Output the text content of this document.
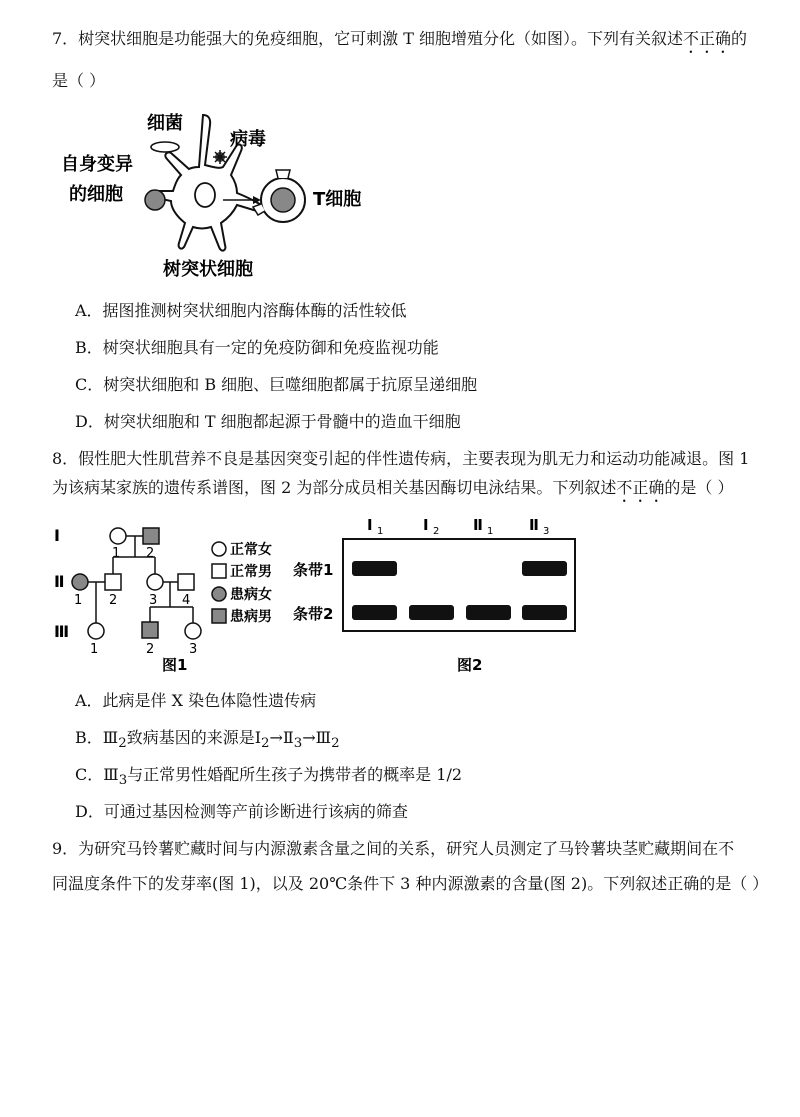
7．树突状细胞是功能强大的免疫细胞，它可刺激 T 细胞增殖分化（如图）。下列有关叙述不正确的
是（ ）
细菌
病毒
自身变异
的细胞	T细胞
树突状细胞
A．据图推测树突状细胞内溶酶体酶的活性较低
B．树突状细胞具有一定的免疫防御和免疫监视功能
C．树突状细胞和 B 细胞、巨噬细胞都属于抗原呈递细胞
D．树突状细胞和 T 细胞都起源于骨髓中的造血干细胞
8．假性肥大性肌营养不良是基因突变引起的伴性遗传病，主要表现为肌无力和运动功能减退。图 1
为该病某家族的遗传系谱图，图 2 为部分成员相关基因酶切电泳结果。下列叙述不正确的是（ ）
Ⅰ
Ⅱ
Ⅲ
1 2
1 2 3 4
1	2	3
正常女
正常男
患病女
患病男
图1
Ⅰ 1	Ⅰ 2 Ⅱ 1 Ⅱ 3
条带1
条带2
图2
A．此病是伴 X 染色体隐性遗传病
B．$Ⅲ_2$致病基因的来源是$Ⅰ_2\to Ⅱ_3\to Ⅲ_2$
C．$Ⅲ_3$与正常男性婚配所生孩子为携带者的概率是 1/2
D．可通过基因检测等产前诊断进行该病的筛查
9．为研究马铃薯贮藏时间与内源激素含量之间的关系，研究人员测定了马铃薯块茎贮藏期间在不
同温度条件下的发芽率(图 1)，以及 20℃条件下 3 种内源激素的含量(图 2)。下列叙述正确的是（ ）
